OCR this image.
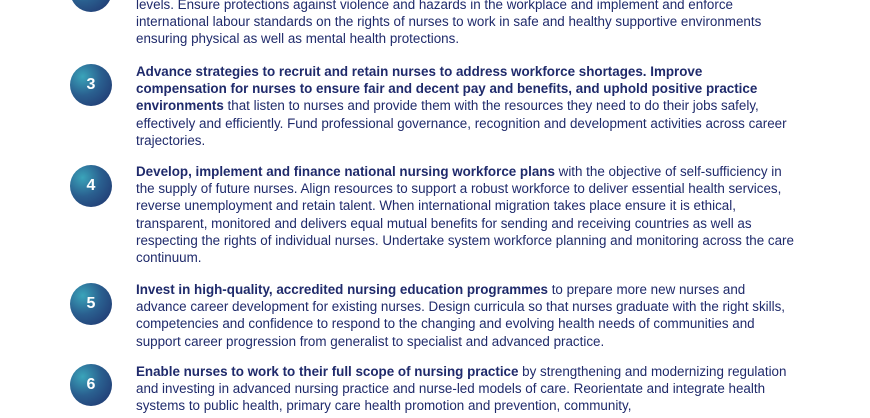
levels. Ensure protections against violence and hazards in the workplace and implement and enforce international labour standards on the rights of nurses to work in safe and healthy supportive environments ensuring physical as well as mental health protections.

3

Advance strategies to recruit and retain nurses to address workforce shortages. Improve compensation for nurses to ensure fair and decent pay and benefits, and uphold positive practice environments that listen to nurses and provide them with the resources they need to do their jobs safely, effectively and efficiently. Fund professional governance, recognition and development activities across career trajectories.

4

Develop, implement and finance national nursing workforce plans with the objective of self-sufficiency in the supply of future nurses. Align resources to support a robust workforce to deliver essential health services, reverse unemployment and retain talent. When international migration takes place ensure it is ethical, transparent, monitored and delivers equal mutual benefits for sending and receiving countries as well as respecting the rights of individual nurses. Undertake system workforce planning and monitoring across the care continuum.

5

Invest in high-quality, accredited nursing education programmes to prepare more new nurses and advance career development for existing nurses. Design curricula so that nurses graduate with the right skills, competencies and confidence to respond to the changing and evolving health needs of communities and support career progression from generalist to specialist and advanced practice.

6

Enable nurses to work to their full scope of nursing practice by strengthening and modernizing regulation and investing in advanced nursing practice and nurse-led models of care. Reorientate and integrate health systems to public health, primary care health promotion and prevention, community,
